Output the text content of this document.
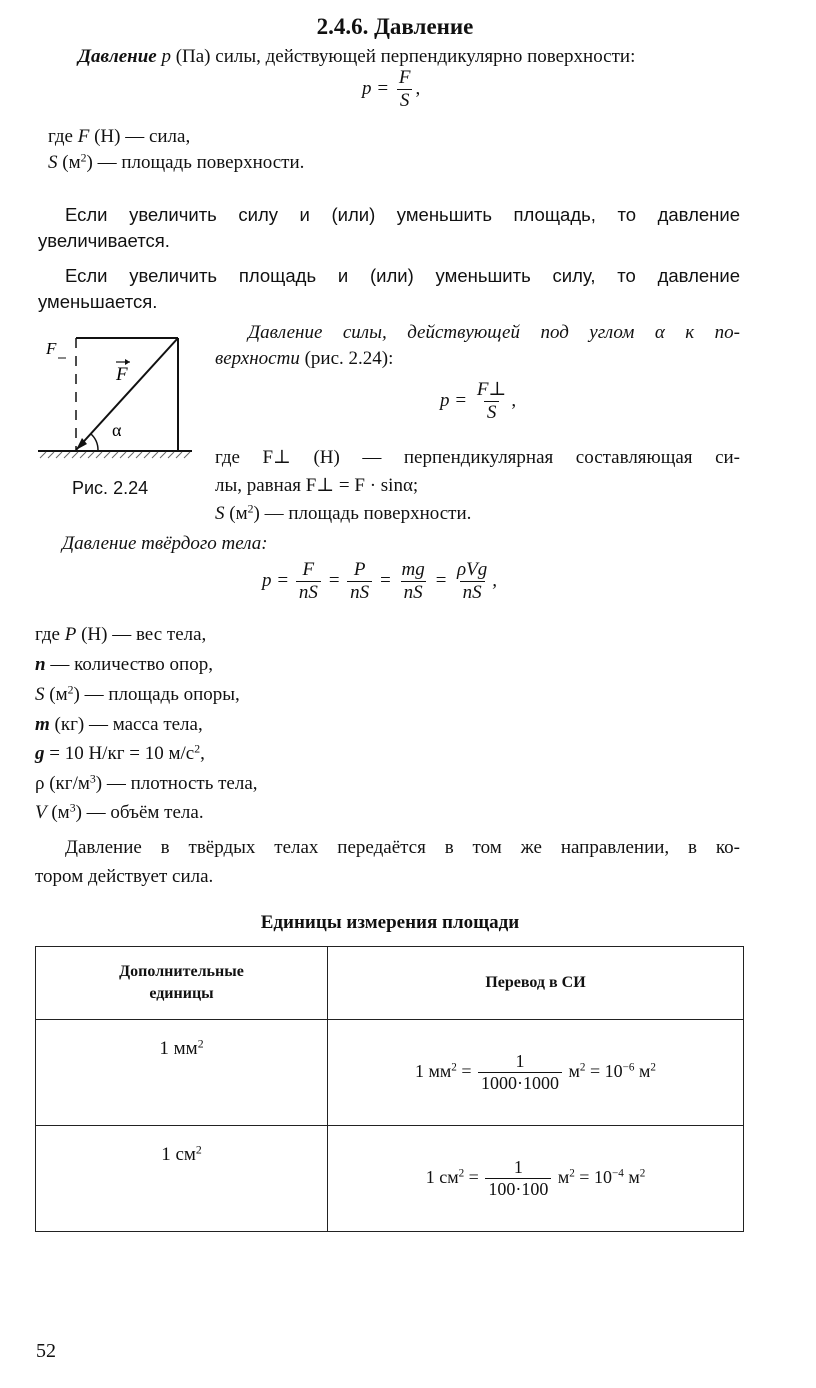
2.4.6. Давление
Давление p (Па) силы, действующей перпендикулярно поверхности:
$p = \frac{F}{S}$ ,
где F (Н) — сила,
S $(м^2)$ — площадь поверхности.
Если увеличить силу и (или) уменьшить площадь, то давление
увеличивается.
Если увеличить площадь и (или) уменьшить силу, то давление
уменьшается.
F
F
α
Рис. 2.24
Давление силы, действующей под углом α к по-
верхности (рис. 2.24):
$p = \frac{F\perp}{S}$ ,
где F⊥ (Н) — перпендикулярная составляющая си-
лы, равная F⊥ = F · sinα;
S $(м^2)$ –– площадь поверхности.
Давление твёрдого тела:
$p = \frac{F}{nS} = \frac{P}{nS} = \frac{mg}{nS} = \frac{\text{ρVg}}{nS}$ ,
где P (Н) — вес тела,
n — количество опор,
S $(м^2)$ — площадь опоры,
m (кг) — масса тела,
g = 10 Н/кг = 10 $м/с^2$,
ρ $(кг/м^3)$ — плотность тела,
V $(м^3)$ — объём тела.
Давление в твёрдых телах передаётся в том же направлении, в ко-
тором действует сила.
Единицы измерения площади
Дополнительные единицы	Перевод в СИ
1 $мм^2$	1 $мм^2 = \frac{1}{1000\cdot 1000} м^2 = 10^{-6}$ $м^2$
1 $см^2$	1 $см^2 = \frac{1}{100\cdot 100} м^2 = 10^{-4}$ $м^2$
52
